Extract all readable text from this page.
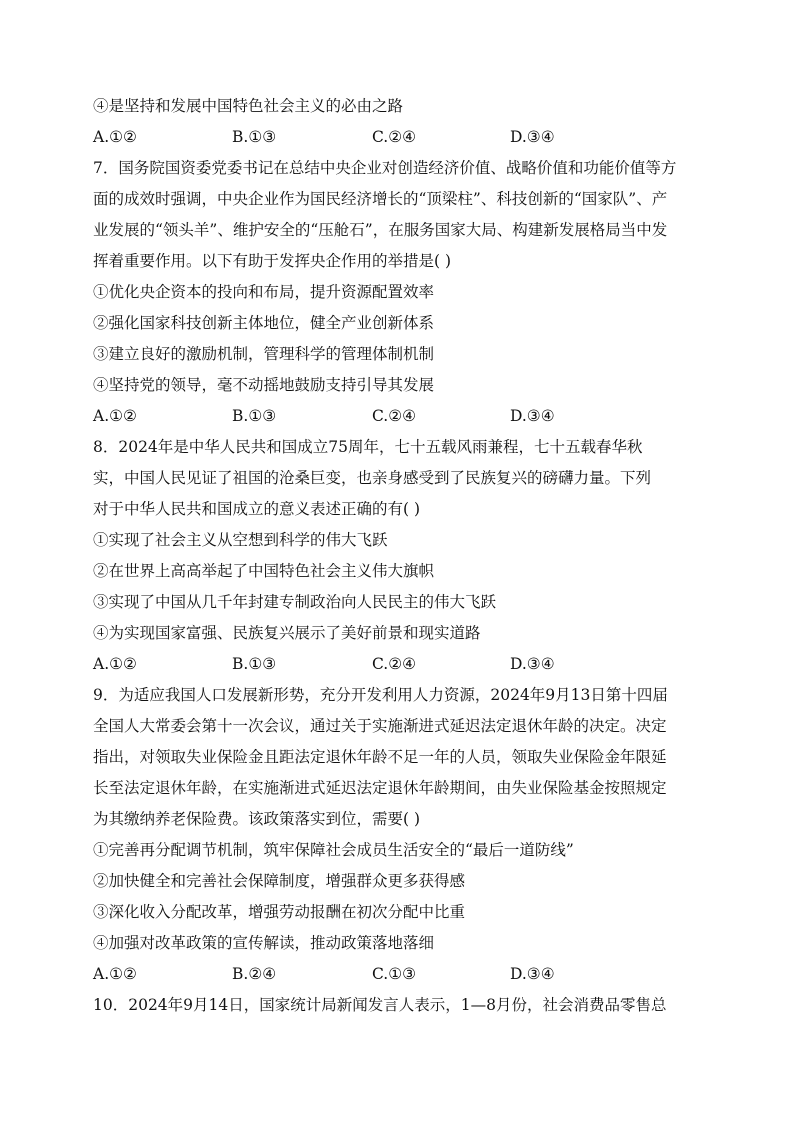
④是坚持和发展中国特色社会主义的必由之路
A.①②	B.①③	C.②④	D.③④
7．国务院国资委党委书记在总结中央企业对创造经济价值、战略价值和功能价值等方
面的成效时强调，中央企业作为国民经济增长的“顶梁柱”、科技创新的“国家队”、产
业发展的“领头羊”、维护安全的“压舱石”，在服务国家大局、构建新发展格局当中发
挥着重要作用。以下有助于发挥央企作用的举措是( )
①优化央企资本的投向和布局，提升资源配置效率
②强化国家科技创新主体地位，健全产业创新体系
③建立良好的激励机制，管理科学的管理体制机制
④坚持党的领导，毫不动摇地鼓励支持引导其发展
A.①②	B.①③	C.②④	D.③④
8．2024年是中华人民共和国成立75周年，七十五载风雨兼程，七十五载春华秋
实，中国人民见证了祖国的沧桑巨变，也亲身感受到了民族复兴的磅礴力量。下列
对于中华人民共和国成立的意义表述正确的有( )
①实现了社会主义从空想到科学的伟大飞跃
②在世界上高高举起了中国特色社会主义伟大旗帜
③实现了中国从几千年封建专制政治向人民民主的伟大飞跃
④为实现国家富强、民族复兴展示了美好前景和现实道路
A.①②	B.①③	C.②④	D.③④
9．为适应我国人口发展新形势，充分开发利用人力资源，2024年9月13日第十四届
全国人大常委会第十一次会议，通过关于实施渐进式延迟法定退休年龄的决定。决定
指出，对领取失业保险金且距法定退休年龄不足一年的人员，领取失业保险金年限延
长至法定退休年龄，在实施渐进式延迟法定退休年龄期间，由失业保险基金按照规定
为其缴纳养老保险费。该政策落实到位，需要( )
①完善再分配调节机制，筑牢保障社会成员生活安全的“最后一道防线”
②加快健全和完善社会保障制度，增强群众更多获得感
③深化收入分配改革，增强劳动报酬在初次分配中比重
④加强对改革政策的宣传解读，推动政策落地落细
A.①②	B.②④	C.①③	D.③④
10．2024年9月14日，国家统计局新闻发言人表示，1—8月份，社会消费品零售总
